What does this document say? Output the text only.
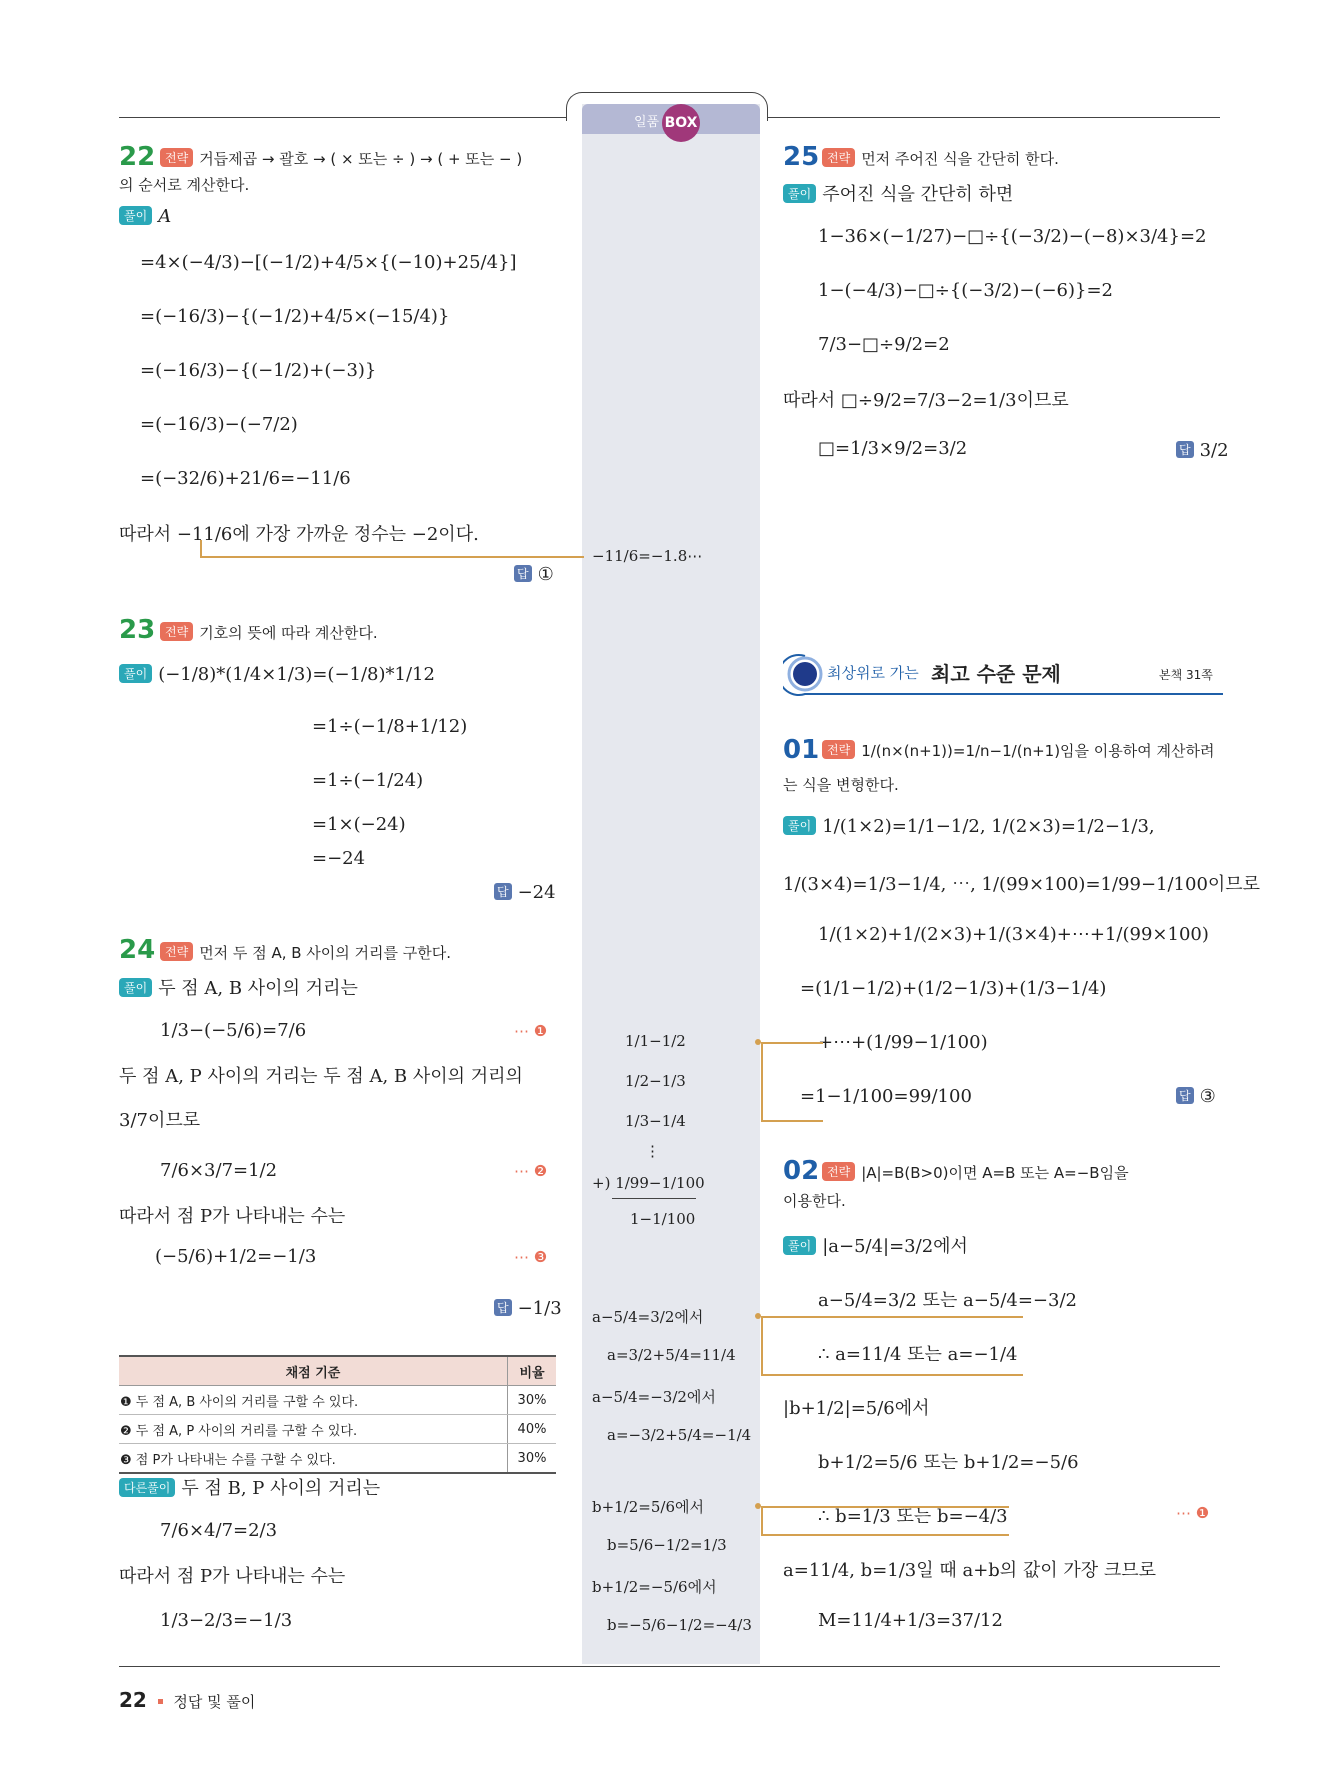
일품 BOX
22 전략 거듭제곱 → 괄호 → ( × 또는 ÷ ) → ( + 또는 − )
의 순서로 계산한다.
풀이 A
=4×(−4/3)−[(−1/2)+4/5×{(−10)+25/4}]
=(−16/3)−{(−1/2)+4/5×(−15/4)}
=(−16/3)−{(−1/2)+(−3)}
=(−16/3)−(−7/2)
=(−32/6)+21/6=−11/6
따라서 −11/6에 가장 가까운 정수는 −2이다.
답 ①
−11/6=−1.8⋯
23 전략 기호의 뜻에 따라 계산한다.
풀이 (−1/8)*(1/4×1/3)=(−1/8)*1/12
=1÷(−1/8+1/12)
=1÷(−1/24)
=1×(−24)
=−24
답 −24
24 전략 먼저 두 점 A, B 사이의 거리를 구한다.
풀이 두 점 A, B 사이의 거리는
1/3−(−5/6)=7/6	⋯ ❶
두 점 A, P 사이의 거리는 두 점 A, B 사이의 거리의
3/7이므로
7/6×3/7=1/2	⋯ ❷
따라서 점 P가 나타내는 수는
(−5/6)+1/2=−1/3	⋯ ❸
답 −1/3
채점 기준	비율
❶ 두 점 A, B 사이의 거리를 구할 수 있다.	30%
❷ 두 점 A, P 사이의 거리를 구할 수 있다.	40%
❸ 점 P가 나타내는 수를 구할 수 있다.	30%
다른풀이 두 점 B, P 사이의 거리는
7/6×4/7=2/3
따라서 점 P가 나타내는 수는
1/3−2/3=−1/3
25 전략 먼저 주어진 식을 간단히 한다.
풀이 주어진 식을 간단히 하면
1−36×(−1/27)−□÷{(−3/2)−(−8)×3/4}=2
1−(−4/3)−□÷{(−3/2)−(−6)}=2
7/3−□÷9/2=2
따라서 □÷9/2=7/3−2=1/3이므로
□=1/3×9/2=3/2	답 3/2
최상위로 가는 최고 수준 문제	본책 31쪽
01 전략 1/(n×(n+1))=1/n−1/(n+1)임을 이용하여 계산하려
는 식을 변형한다.
풀이 1/(1×2)=1/1−1/2, 1/(2×3)=1/2−1/3,
1/(3×4)=1/3−1/4, ⋯, 1/(99×100)=1/99−1/100이므로
1/(1×2)+1/(2×3)+1/(3×4)+⋯+1/(99×100)
=(1/1−1/2)+(1/2−1/3)+(1/3−1/4)
+⋯+(1/99−1/100)
=1−1/100=99/100	답 ③
1/1−1/2
1/2−1/3
1/3−1/4
⋮
+) 1/99−1/100
1−1/100
02 전략 |A|=B(B>0)이면 A=B 또는 A=−B임을
이용한다.
풀이 |a−5/4|=3/2에서
a−5/4=3/2 또는 a−5/4=−3/2
∴ a=11/4 또는 a=−1/4
|b+1/2|=5/6에서
b+1/2=5/6 또는 b+1/2=−5/6
∴ b=1/3 또는 b=−4/3	⋯ ❶
a=11/4, b=1/3일 때 a+b의 값이 가장 크므로
M=11/4+1/3=37/12
a−5/4=3/2에서
a=3/2+5/4=11/4
a−5/4=−3/2에서
a=−3/2+5/4=−1/4
b+1/2=5/6에서
b=5/6−1/2=1/3
b+1/2=−5/6에서
b=−5/6−1/2=−4/3
22 정답 및 풀이
